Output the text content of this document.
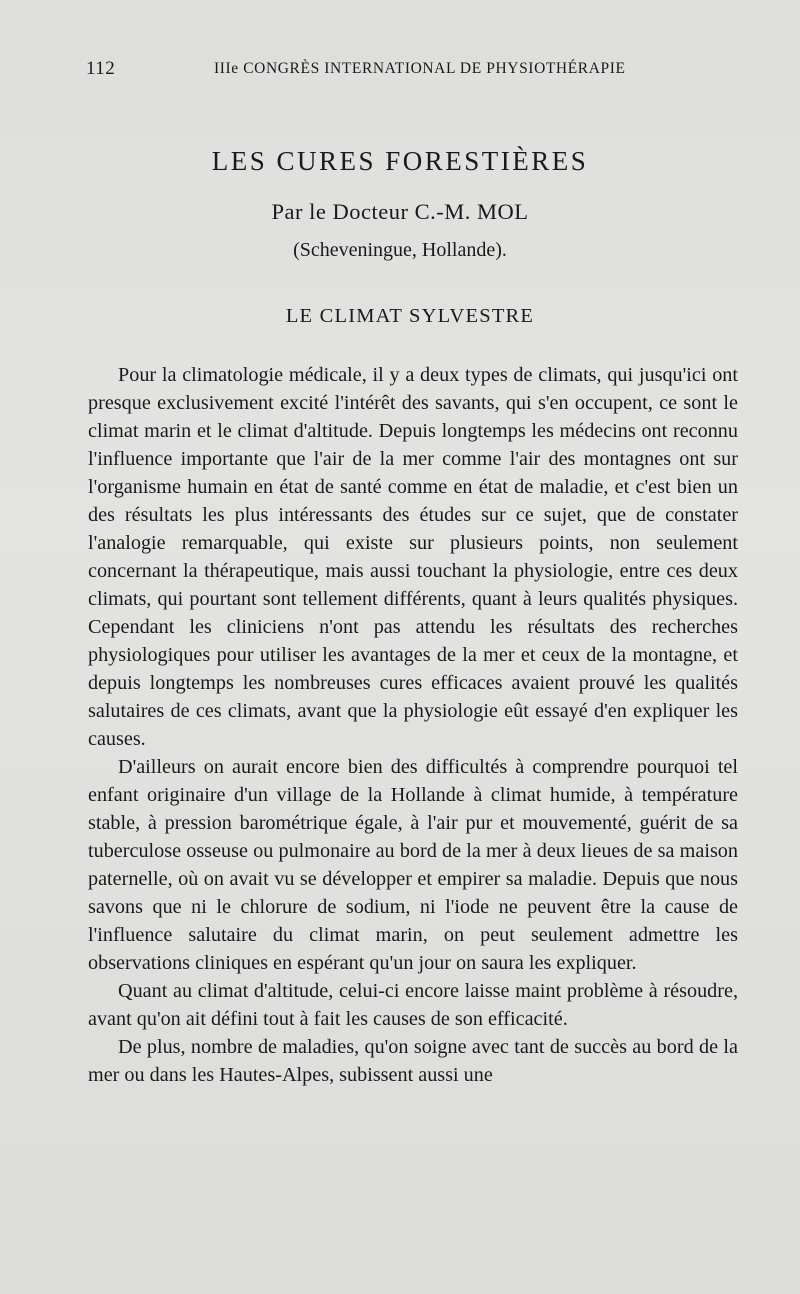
112	IIIe CONGRÈS INTERNATIONAL DE PHYSIOTHÉRAPIE
LES CURES FORESTIÈRES
Par le Docteur C.-M. MOL
(Scheveningue, Hollande).
LE CLIMAT SYLVESTRE

Pour la climatologie médicale, il y a deux types de climats, qui jusqu'ici ont presque exclusivement excité l'intérêt des savants, qui s'en occupent, ce sont le climat marin et le climat d'altitude. Depuis longtemps les médecins ont reconnu l'influence importante que l'air de la mer comme l'air des montagnes ont sur l'organisme humain en état de santé comme en état de maladie, et c'est bien un des résultats les plus intéressants des études sur ce sujet, que de constater l'analogie remarquable, qui existe sur plusieurs points, non seulement concernant la thérapeutique, mais aussi touchant la physiologie, entre ces deux climats, qui pourtant sont tellement différents, quant à leurs qualités physiques. Cependant les cliniciens n'ont pas attendu les résultats des recherches physiologiques pour utiliser les avantages de la mer et ceux de la montagne, et depuis longtemps les nombreuses cures efficaces avaient prouvé les qualités salutaires de ces climats, avant que la physiologie eût essayé d'en expliquer les causes.

D'ailleurs on aurait encore bien des difficultés à comprendre pourquoi tel enfant originaire d'un village de la Hollande à climat humide, à température stable, à pression barométrique égale, à l'air pur et mouvementé, guérit de sa tuberculose osseuse ou pulmonaire au bord de la mer à deux lieues de sa maison paternelle, où on avait vu se développer et empirer sa maladie. Depuis que nous savons que ni le chlorure de sodium, ni l'iode ne peuvent être la cause de l'influence salutaire du climat marin, on peut seulement admettre les observations cliniques en espérant qu'un jour on saura les expliquer.

Quant au climat d'altitude, celui-ci encore laisse maint problème à résoudre, avant qu'on ait défini tout à fait les causes de son efficacité.

De plus, nombre de maladies, qu'on soigne avec tant de succès au bord de la mer ou dans les Hautes-Alpes, subissent aussi une
